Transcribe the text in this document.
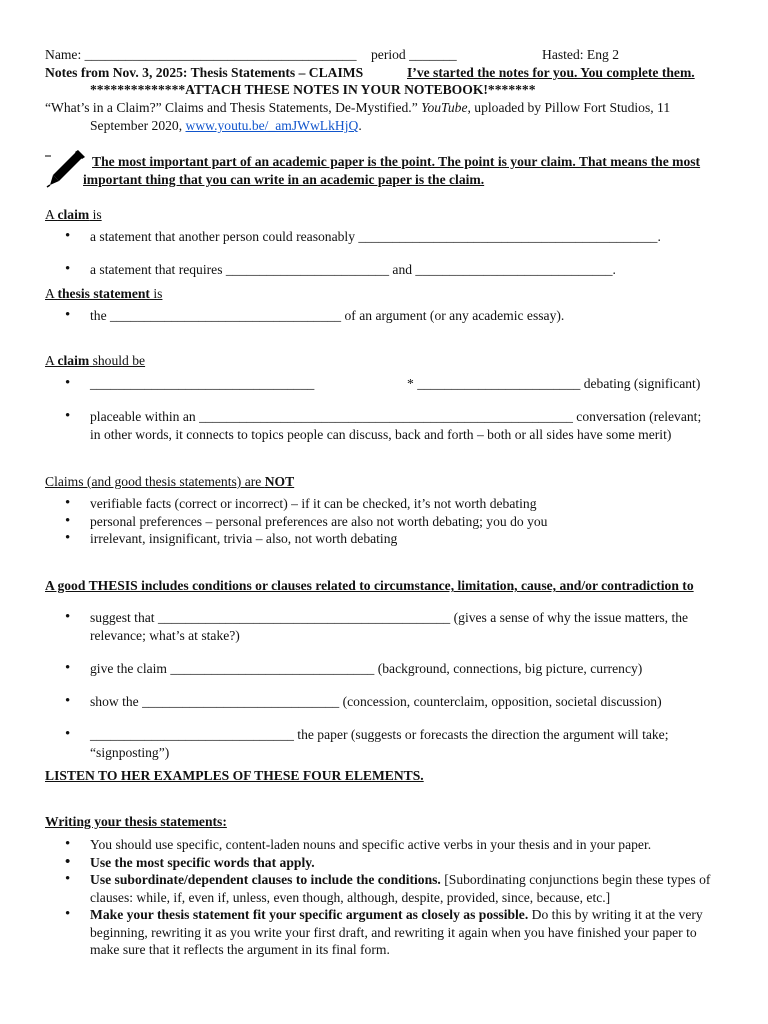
Name: ________________________________________ period _______	Hasted: Eng 2
Notes from Nov. 3, 2025: Thesis Statements – CLAIMS	I’ve started the notes for you. You complete them.
**************ATTACH THESE NOTES IN YOUR NOTEBOOK!*******
“What’s in a Claim?” Claims and Thesis Statements, De-Mystified.” YouTube, uploaded by Pillow Fort Studios, 11
September 2020, www.youtu.be/_amJWwLkHjQ.
The most important part of an academic paper is the point. The point is your claim. That means the most
important thing that you can write in an academic paper is the claim.
A claim is
• a statement that another person could reasonably ____________________________________________.
• a statement that requires ________________________ and _____________________________.
A thesis statement is
• the __________________________________ of an argument (or any academic essay).
A claim should be
• _________________________________	* ________________________ debating (significant)
• placeable within an _______________________________________________________ conversation (relevant;
in other words, it connects to topics people can discuss, back and forth – both or all sides have some merit)
Claims (and good thesis statements) are NOT
• verifiable facts (correct or incorrect) – if it can be checked, it’s not worth debating
• personal preferences – personal preferences are also not worth debating; you do you
• irrelevant, insignificant, trivia – also, not worth debating
A good THESIS includes conditions or clauses related to circumstance, limitation, cause, and/or contradiction to
• suggest that ___________________________________________ (gives a sense of why the issue matters, the
relevance; what’s at stake?)
• give the claim ______________________________ (background, connections, big picture, currency)
• show the _____________________________ (concession, counterclaim, opposition, societal discussion)
• ______________________________ the paper (suggests or forecasts the direction the argument will take;
“signposting”)
LISTEN TO HER EXAMPLES OF THESE FOUR ELEMENTS.
Writing your thesis statements:
• You should use specific, content-laden nouns and specific active verbs in your thesis and in your paper.
• Use the most specific words that apply.
• Use subordinate/dependent clauses to include the conditions. [Subordinating conjunctions begin these types of
clauses: while, if, even if, unless, even though, although, despite, provided, since, because, etc.]
• Make your thesis statement fit your specific argument as closely as possible. Do this by writing it at the very
beginning, rewriting it as you write your first draft, and rewriting it again when you have finished your paper to
make sure that it reflects the argument in its final form.
